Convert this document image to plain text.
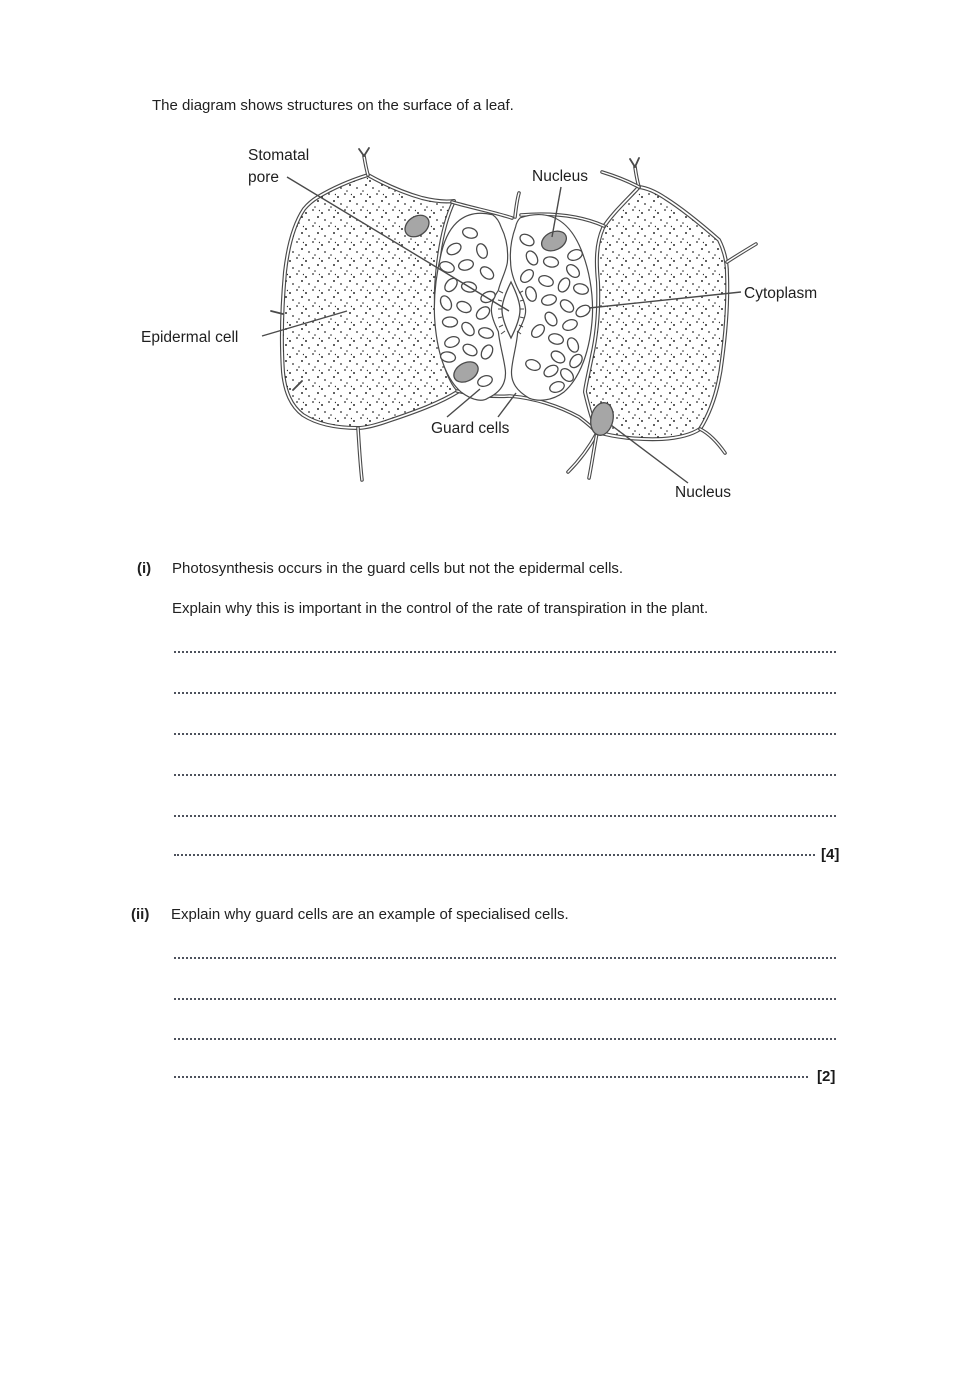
The diagram shows structures on the surface of a leaf.
Stomatal
pore	Nucleus
Cytoplasm
Epidermal cell
Guard cells
Nucleus
(i) Photosynthesis occurs in the guard cells but not the epidermal cells.
Explain why this is important in the control of the rate of transpiration in the plant.
[4]
(ii) Explain why guard cells are an example of specialised cells.
[2]
